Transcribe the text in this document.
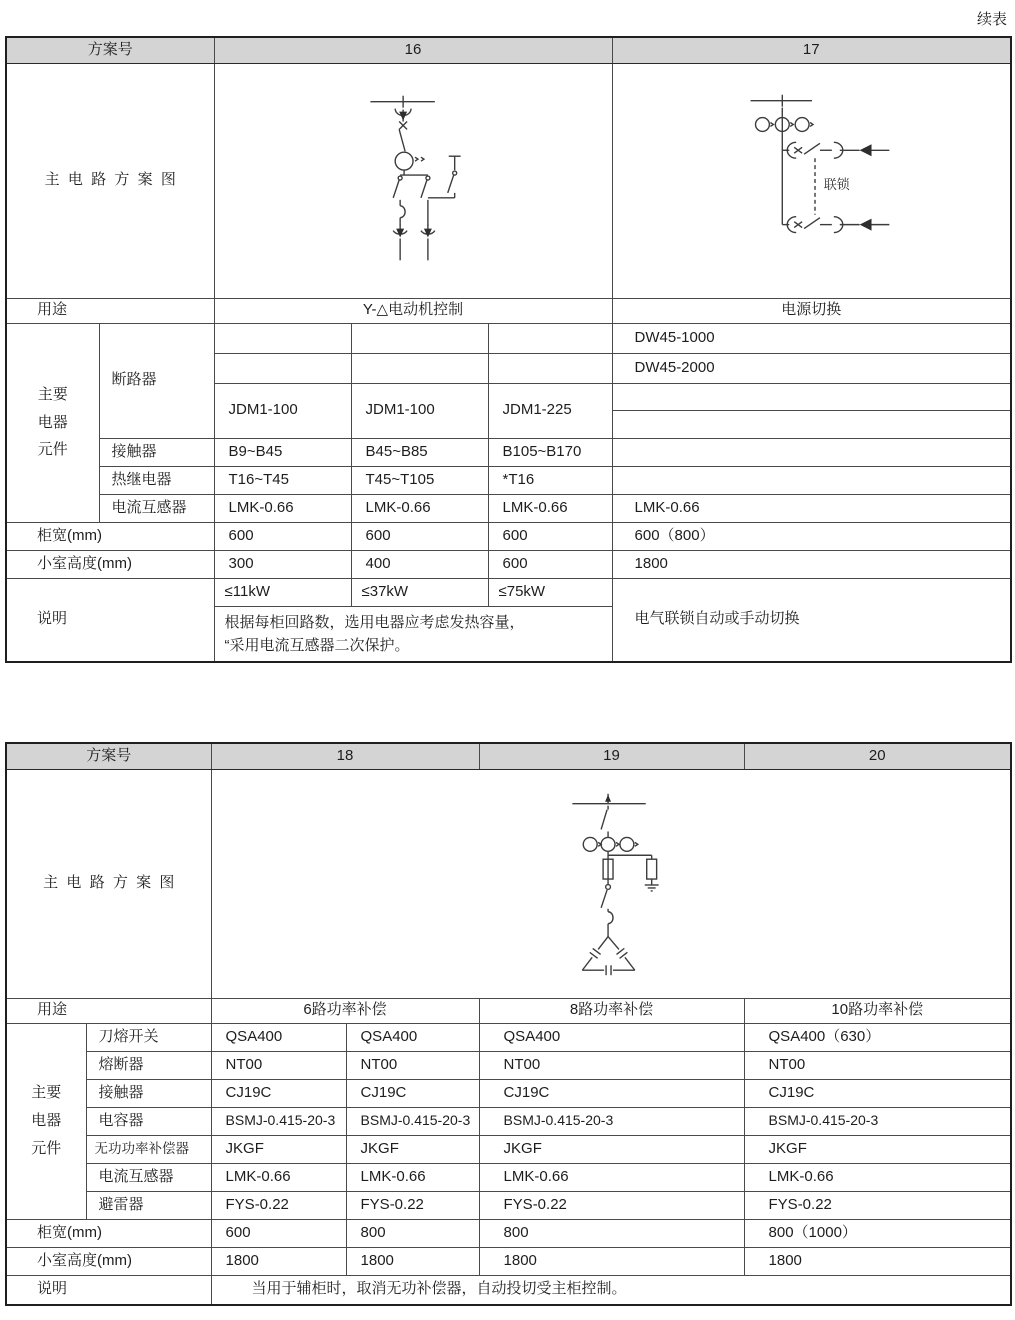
续表
方案号		16			17
主电路方案图					联锁

用途		Y-△电动机控制			电源切换

主要
电器
元件	断路器				DW45-1000
					DW45-2000
		JDM1-100	JDM1-100	JDM1-225	

	接触器	B9~B45	B45~B85	B105~B170	
	热继电器	T16~T45	T45~T105	*T16	
	电流互感器	LMK-0.66	LMK-0.66	LMK-0.66	LMK-0.66
柜宽(mm)		600	600	600	600（800）
小室高度(mm)		300	400	600	1800
说明		≤11kW	≤37kW	≤75kW	电气联锁自动或手动切换

		根据每柜回路数，选用电器应考虑发热容量，
“采用电流互感器二次保护。			
方案号		18		19	20
主电路方案图	

用途		6路功率补偿		8路功率补偿	10路功率补偿

主要
电器
元件	刀熔开关	QSA400	QSA400	QSA400	QSA400（630）
	熔断器	NT00	NT00	NT00	NT00
	接触器	CJ19C	CJ19C	CJ19C	CJ19C
	电容器	BSMJ-0.415-20-3	BSMJ-0.415-20-3	BSMJ-0.415-20-3	BSMJ-0.415-20-3
	无功功率补偿器	JKGF	JKGF	JKGF	JKGF
	电流互感器	LMK-0.66	LMK-0.66	LMK-0.66	LMK-0.66
	避雷器	FYS-0.22	FYS-0.22	FYS-0.22	FYS-0.22
柜宽(mm)		600	800	800	800（1000）
小室高度(mm)		1800	1800	1800	1800
说明		当用于辅柜时，取消无功补偿器，自动投切受主柜控制。			
